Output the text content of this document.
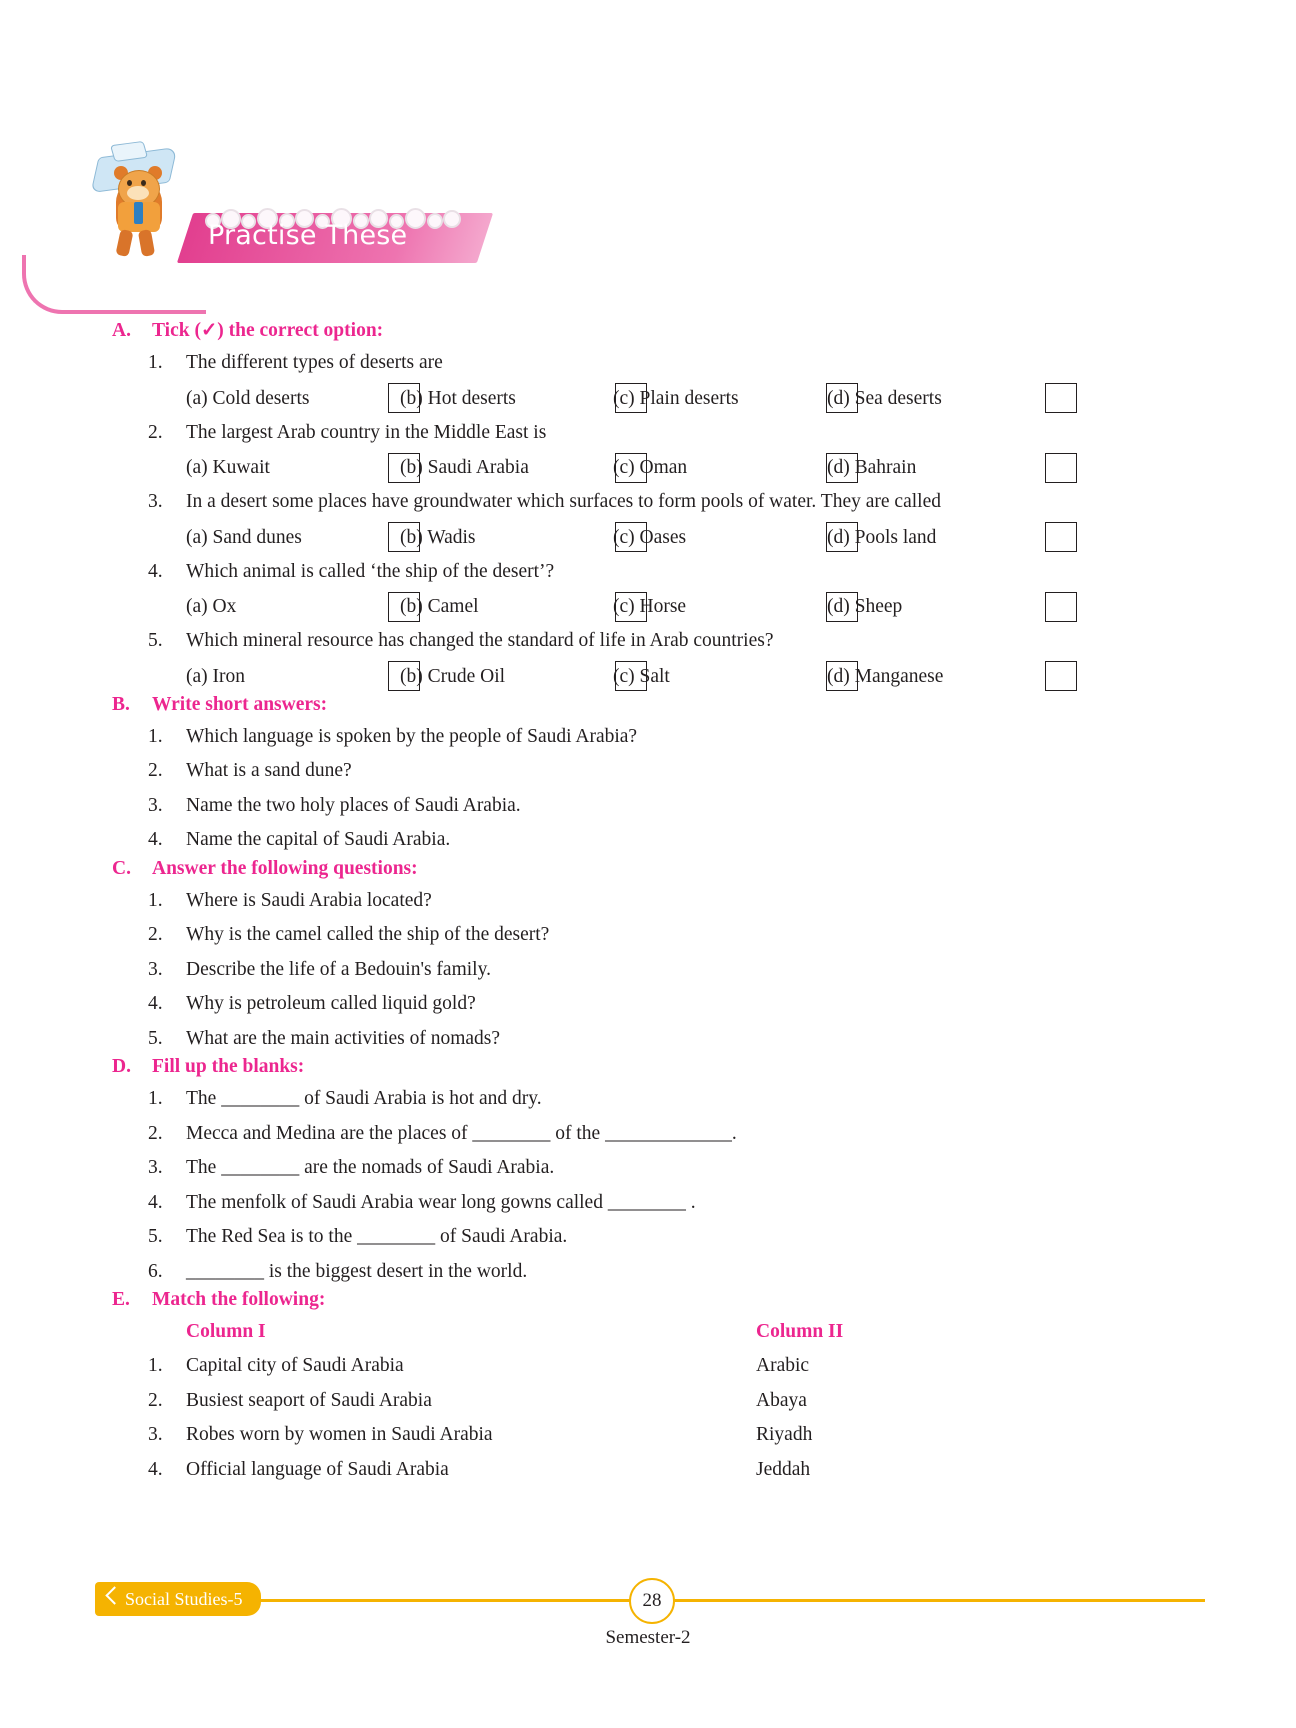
Practise These
A.	Tick (✓) the correct option:
1.	The different types of deserts are
(a) Cold deserts	(b) Hot deserts	(c) Plain deserts	(d) Sea deserts
2.	The largest Arab country in the Middle East is
(a) Kuwait	(b) Saudi Arabia	(c) Oman	(d) Bahrain
3.	In a desert some places have groundwater which surfaces to form pools of water. They are called
(a) Sand dunes	(b) Wadis	(c) Oases	(d) Pools land
4.	Which animal is called ‘the ship of the desert’?
(a) Ox	(b) Camel	(c) Horse	(d) Sheep
5.	Which mineral resource has changed the standard of life in Arab countries?
(a) Iron	(b) Crude Oil	(c) Salt	(d) Manganese
B.	Write short answers:
1.	Which language is spoken by the people of Saudi Arabia?
2.	What is a sand dune?
3.	Name the two holy places of Saudi Arabia.
4.	Name the capital of Saudi Arabia.
C.	Answer the following questions:
1.	Where is Saudi Arabia located?
2.	Why is the camel called the ship of the desert?
3.	Describe the life of a Bedouin's family.
4.	Why is petroleum called liquid gold?
5.	What are the main activities of nomads?
D.	Fill up the blanks:
1.	The ________ of Saudi Arabia is hot and dry.
2.	Mecca and Medina are the places of ________ of the _____________.
3.	The ________ are the nomads of Saudi Arabia.
4.	The menfolk of Saudi Arabia wear long gowns called ________ .
5.	The Red Sea is to the ________ of Saudi Arabia.
6.	________ is the biggest desert in the world.
E.	Match the following:
Column I	Column II
1.	Capital city of Saudi Arabia	Arabic
2.	Busiest seaport of Saudi Arabia	Abaya
3.	Robes worn by women in Saudi Arabia	Riyadh
4.	Official language of Saudi Arabia	Jeddah
Social Studies-5	28
Semester-2
